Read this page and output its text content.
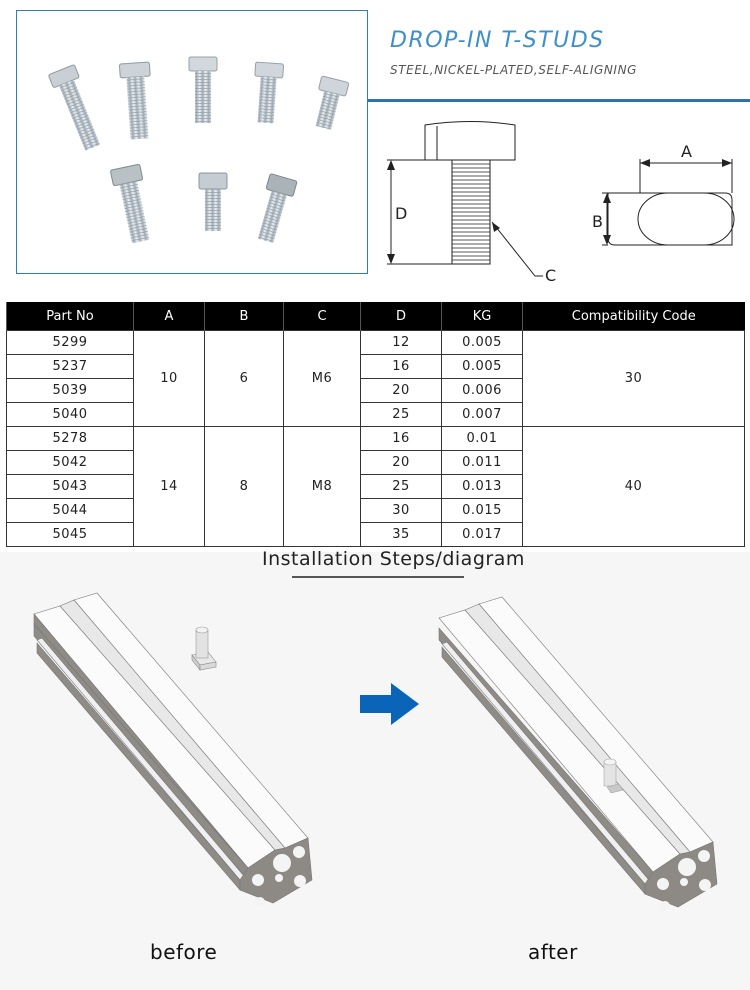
DROP-IN T-STUDS
STEEL,NICKEL-PLATED,SELF-ALIGNING
D
C
A
B
Part No	A	B	C	D	KG	Compatibility Code
5299	10	6	M6	12	0.005	30
5237				16	0.005	
5039				20	0.006	
5040				25	0.007	
5278	14	8	M8	16	0.01	40
5042				20	0.011	
5043				25	0.013	
5044				30	0.015	
5045				35	0.017	
Installation Steps/diagram
before	after
